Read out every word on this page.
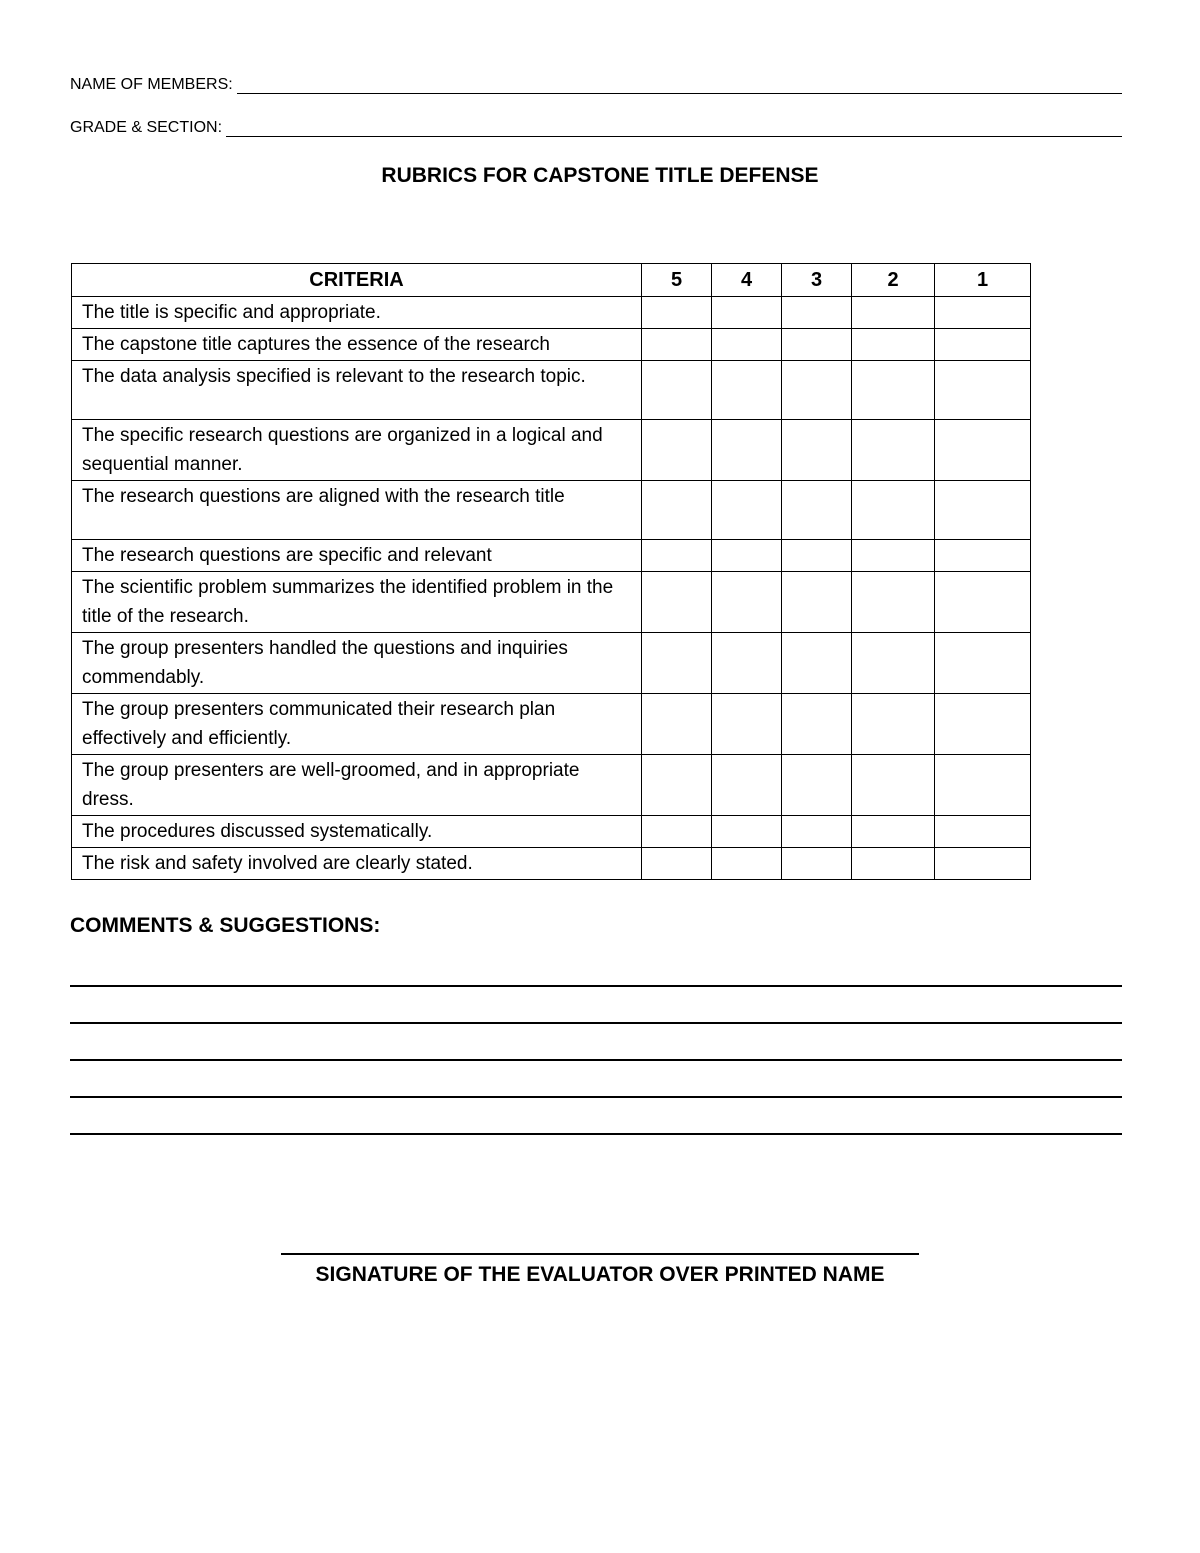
NAME OF MEMBERS:
GRADE & SECTION:
RUBRICS FOR CAPSTONE TITLE DEFENSE
CRITERIA	5	4	3	2	1
The title is specific and appropriate.					
The capstone title captures the essence of the research					
The data analysis specified is relevant to the research topic.					
The specific research questions are organized in a logical and sequential manner.					
The research questions are aligned with the research title					
The research questions are specific and relevant					
The scientific problem summarizes the identified problem in the title of the research.					
The group presenters handled the questions and inquiries commendably.					
The group presenters communicated their research plan effectively and efficiently.					
The group presenters are well-groomed, and in appropriate dress.					
The procedures discussed systematically.					
The risk and safety involved are clearly stated.					
COMMENTS & SUGGESTIONS:
SIGNATURE OF THE EVALUATOR OVER PRINTED NAME
